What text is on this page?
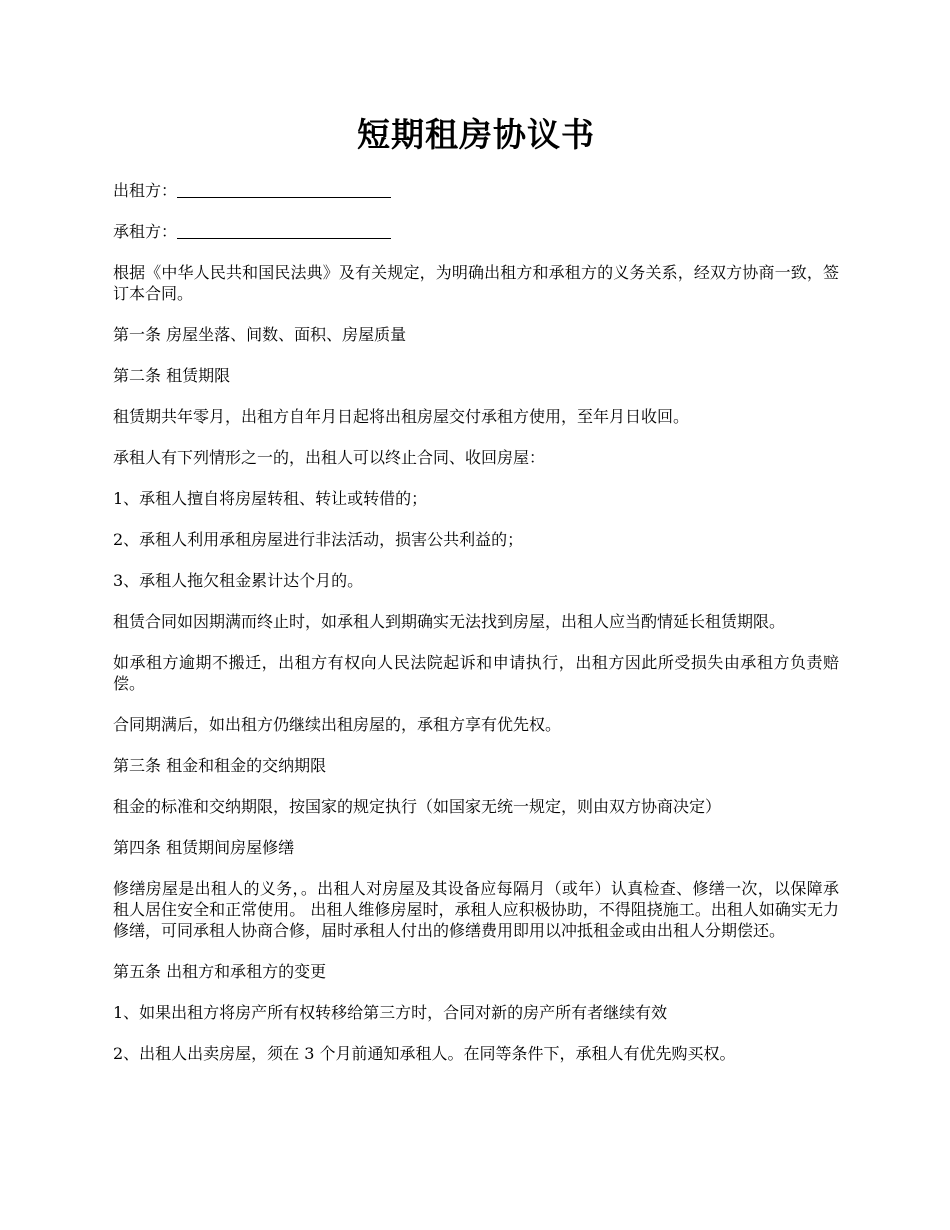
短期租房协议书

出租方：

承租方：

根据《中华人民共和国民法典》及有关规定，为明确出租方和承租方的义务关系，经双方协商一致，签订本合同。

第一条 房屋坐落、间数、面积、房屋质量

第二条 租赁期限

租赁期共年零月，出租方自年月日起将出租房屋交付承租方使用，至年月日收回。

承租人有下列情形之一的，出租人可以终止合同、收回房屋：

1、承租人擅自将房屋转租、转让或转借的；

2、承租人利用承租房屋进行非法活动，损害公共利益的；

3、承租人拖欠租金累计达个月的。

租赁合同如因期满而终止时，如承租人到期确实无法找到房屋，出租人应当酌情延长租赁期限。

如承租方逾期不搬迁，出租方有权向人民法院起诉和申请执行，出租方因此所受损失由承租方负责赔偿。

合同期满后，如出租方仍继续出租房屋的，承租方享有优先权。

第三条 租金和租金的交纳期限

租金的标准和交纳期限，按国家的规定执行（如国家无统一规定，则由双方协商决定）

第四条 租赁期间房屋修缮

修缮房屋是出租人的义务，。出租人对房屋及其设备应每隔月（或年）认真检查、修缮一次，以保障承租人居住安全和正常使用。 出租人维修房屋时，承租人应积极协助，不得阻挠施工。出租人如确实无力修缮，可同承租人协商合修，届时承租人付出的修缮费用即用以冲抵租金或由出租人分期偿还。

第五条 出租方和承租方的变更

1、如果出租方将房产所有权转移给第三方时，合同对新的房产所有者继续有效

2、出租人出卖房屋，须在 3 个月前通知承租人。在同等条件下，承租人有优先购买权。
